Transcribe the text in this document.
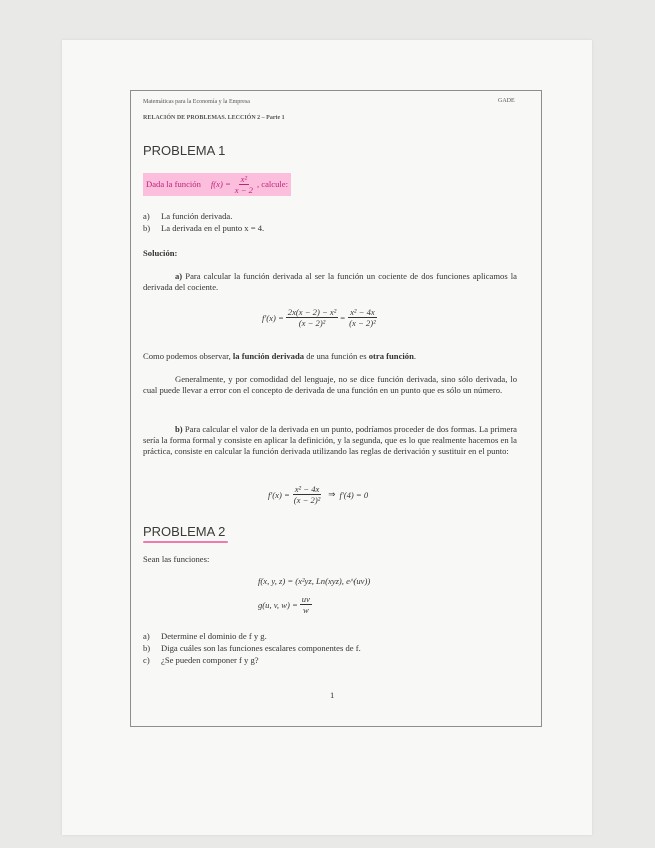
Matemáticas para la Economía y la Empresa	GADE
RELACIÓN DE PROBLEMAS. LECCIÓN 2 – Parte 1
PROBLEMA 1
Dada la función $f(x) = \frac{\text{x²}}{x - 2}$ , calcule:
a) La función derivada.
b) La derivada en el punto x = 4.
Solución:
a) Para calcular la función derivada al ser la función un cociente de dos funciones aplicamos la derivada del cociente.
$f'(x) = \frac{\text{2x(x − 2) − x²}}{\text{(x − 2)²}} = \frac{\text{x² − 4x}}{\text{(x − 2)²}}$
Como podemos observar, la función derivada de una función es otra función.
Generalmente, y por comodidad del lenguaje, no se dice función derivada, sino sólo derivada, lo cual puede llevar a error con el concepto de derivada de una función en un punto que es sólo un número.
b) Para calcular el valor de la derivada en un punto, podríamos proceder de dos formas. La primera sería la forma formal y consiste en aplicar la definición, y la segunda, que es lo que realmente hacemos en la práctica, consiste en calcular la función derivada utilizando las reglas de derivación y sustituir en el punto:
$f'(x) = \frac{\text{x² − 4x}}{\text{(x − 2)²}}$ ⇒ f′(4) = 0
PROBLEMA 2
Sean las funciones:
f(x, y, z) = (x²yz, Ln(xyz), e^(uv))
g(u, v, $w) = \frac{uv}{w}$
a) Determine el dominio de f y g.
b) Diga cuáles son las funciones escalares componentes de f.
c) ¿Se pueden componer f y g?
1
